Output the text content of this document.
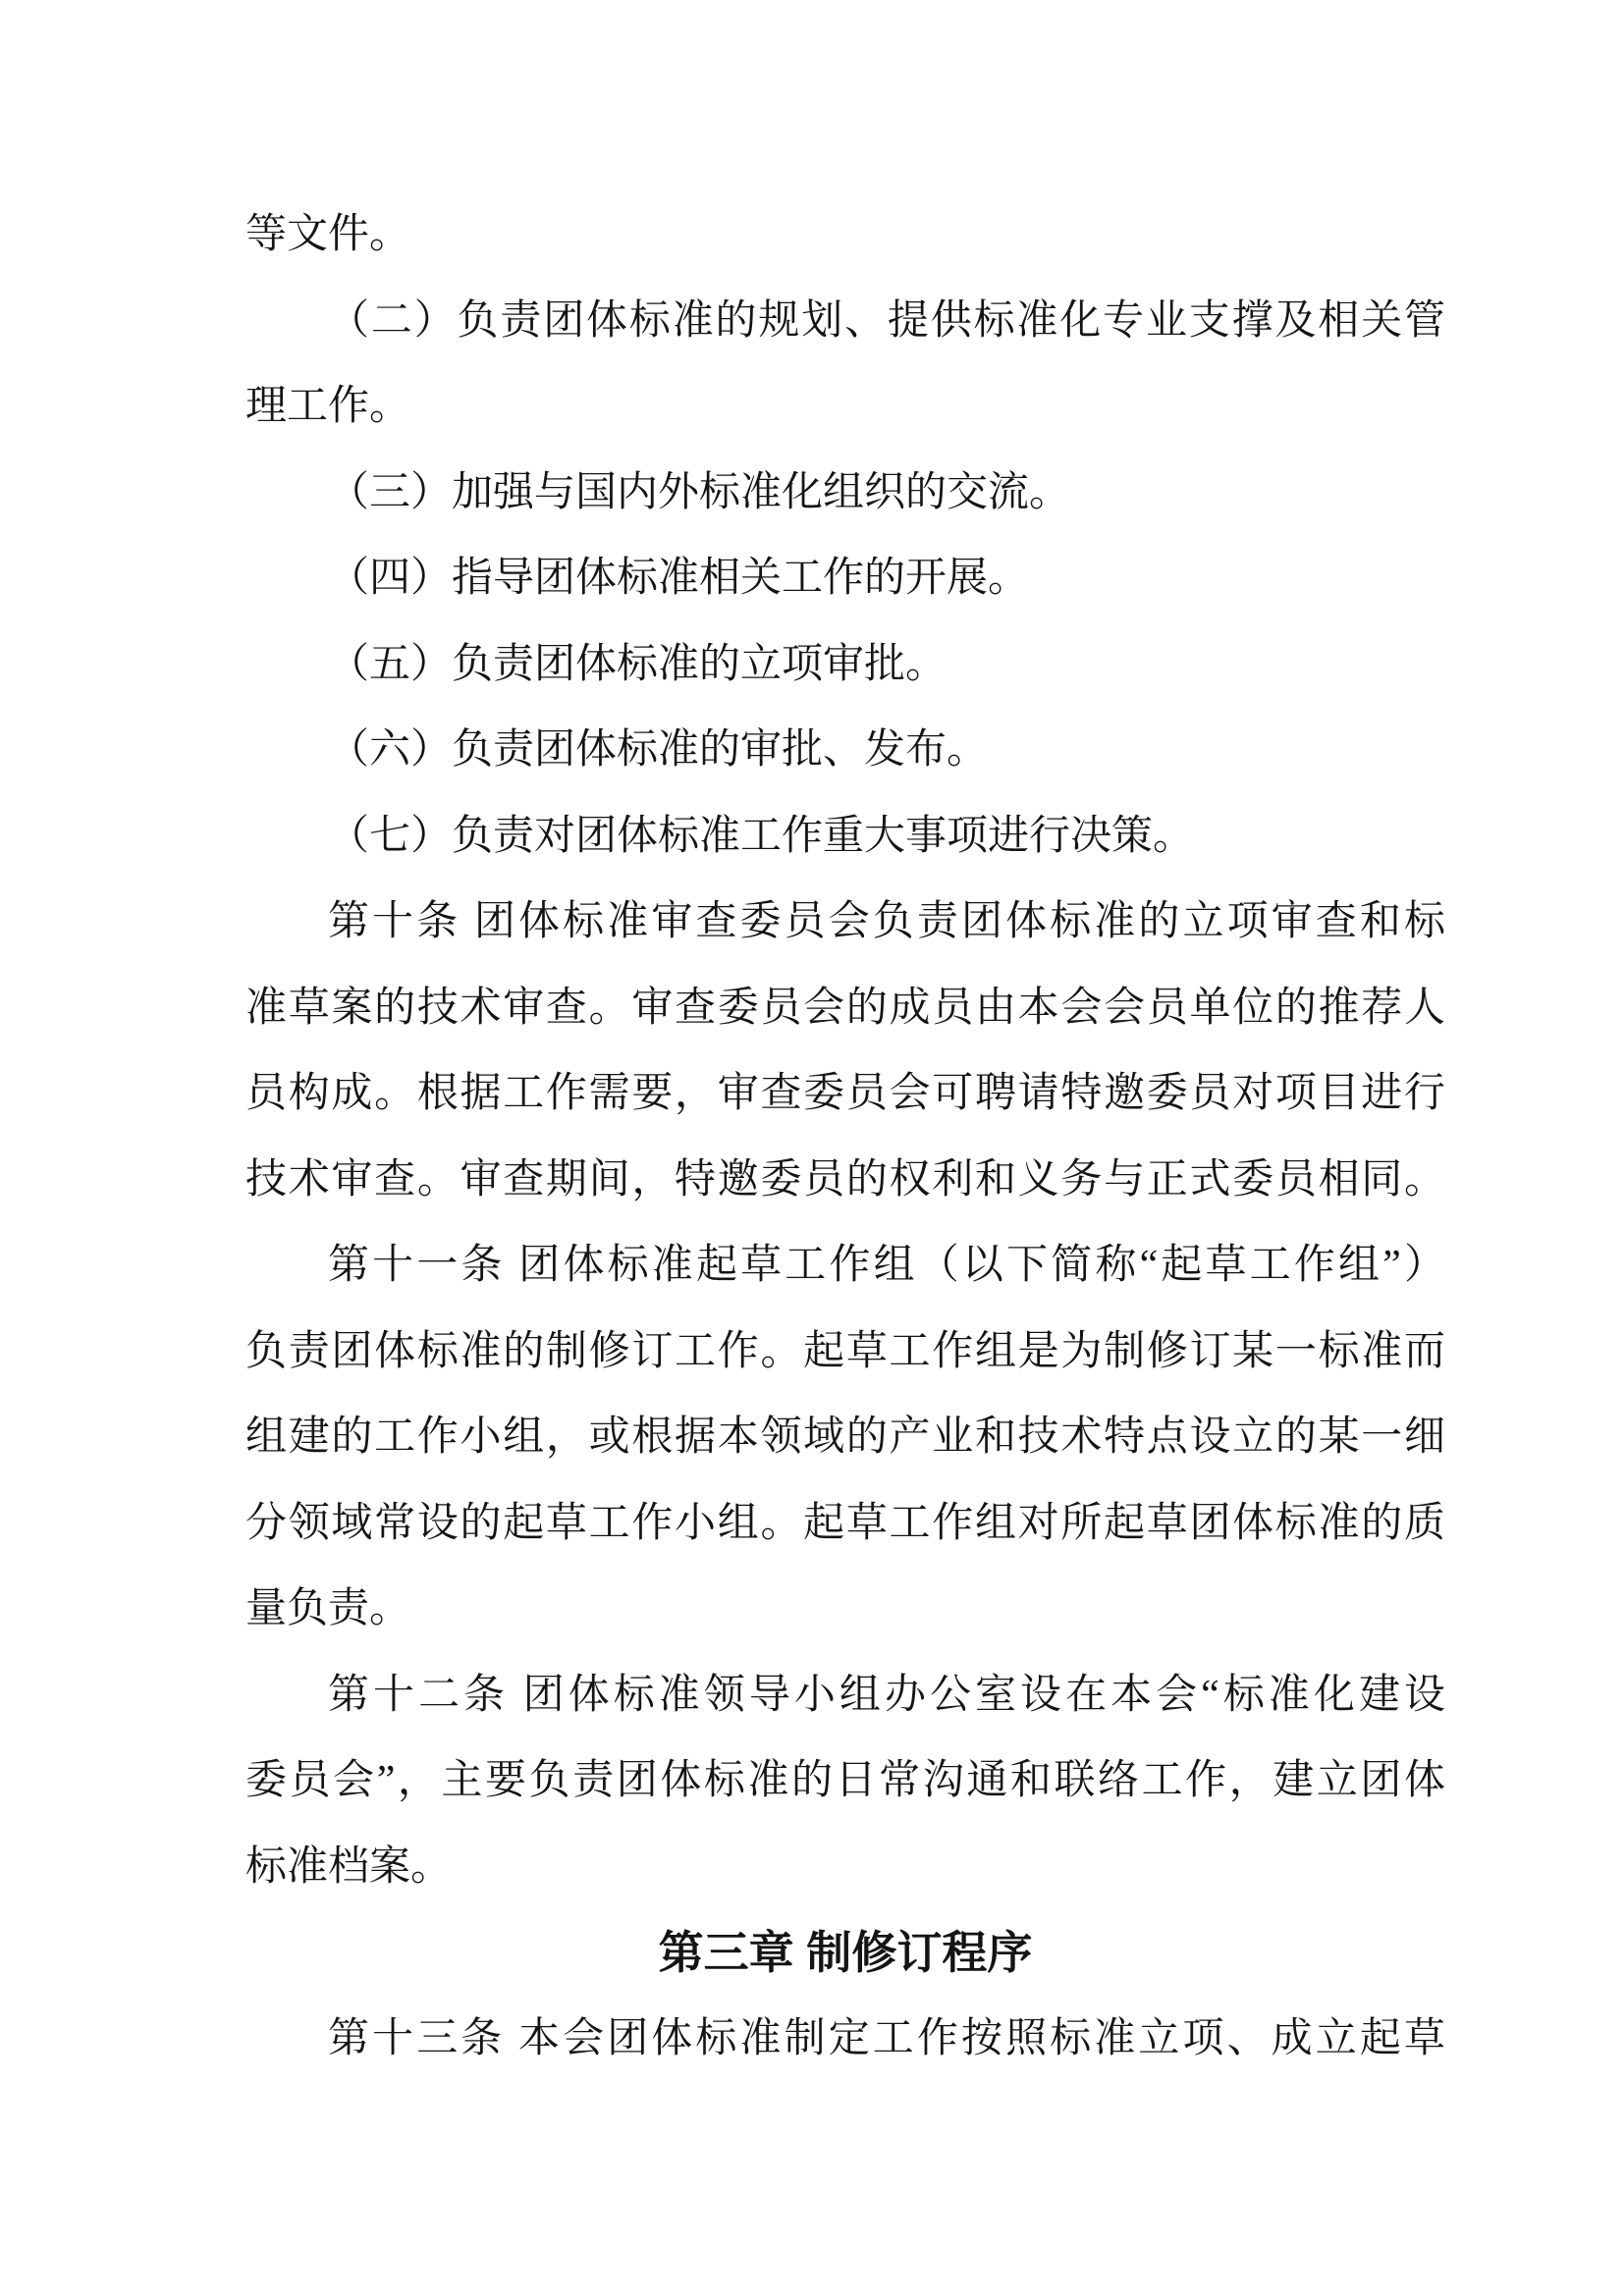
等文件。
（二）负责团体标准的规划、提供标准化专业支撑及相关管
理工作。
（三）加强与国内外标准化组织的交流。
（四）指导团体标准相关工作的开展。
（五）负责团体标准的立项审批。
（六）负责团体标准的审批、发布。
（七）负责对团体标准工作重大事项进行决策。
第十条 团体标准审查委员会负责团体标准的立项审查和标
准草案的技术审查。审查委员会的成员由本会会员单位的推荐人
员构成。根据工作需要，审查委员会可聘请特邀委员对项目进行
技术审查。审查期间，特邀委员的权利和义务与正式委员相同。
第十一条 团体标准起草工作组（以下简称“起草工作组”）
负责团体标准的制修订工作。起草工作组是为制修订某一标准而
组建的工作小组，或根据本领域的产业和技术特点设立的某一细
分领域常设的起草工作小组。起草工作组对所起草团体标准的质
量负责。
第十二条 团体标准领导小组办公室设在本会“标准化建设
委员会”，主要负责团体标准的日常沟通和联络工作，建立团体
标准档案。
第三章 制修订程序
第十三条 本会团体标准制定工作按照标准立项、成立起草
